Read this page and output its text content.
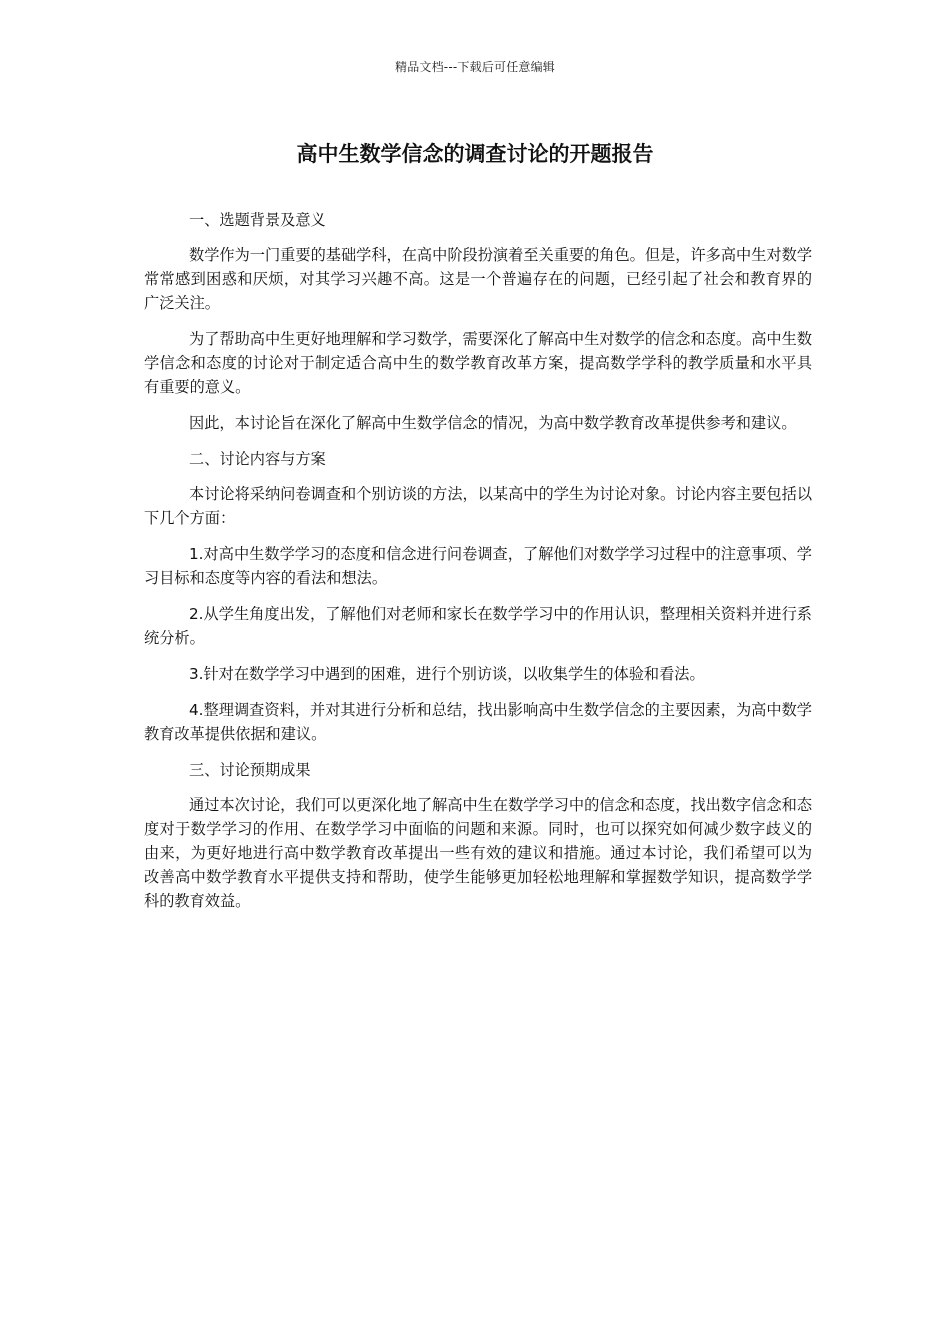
精品文档---下载后可任意编辑
高中生数学信念的调查讨论的开题报告

一、选题背景及意义

数学作为一门重要的基础学科，在高中阶段扮演着至关重要的角色。但是，许多高中生对数学常常感到困惑和厌烦，对其学习兴趣不高。这是一个普遍存在的问题，已经引起了社会和教育界的广泛关注。

为了帮助高中生更好地理解和学习数学，需要深化了解高中生对数学的信念和态度。高中生数学信念和态度的讨论对于制定适合高中生的数学教育改革方案，提高数学学科的教学质量和水平具有重要的意义。

因此，本讨论旨在深化了解高中生数学信念的情况，为高中数学教育改革提供参考和建议。

二、讨论内容与方案

本讨论将采纳问卷调查和个别访谈的方法，以某高中的学生为讨论对象。讨论内容主要包括以下几个方面：

1.对高中生数学学习的态度和信念进行问卷调查，了解他们对数学学习过程中的注意事项、学习目标和态度等内容的看法和想法。

2.从学生角度出发，了解他们对老师和家长在数学学习中的作用认识，整理相关资料并进行系统分析。

3.针对在数学学习中遇到的困难，进行个别访谈，以收集学生的体验和看法。

4.整理调查资料，并对其进行分析和总结，找出影响高中生数学信念的主要因素，为高中数学教育改革提供依据和建议。

三、讨论预期成果

通过本次讨论，我们可以更深化地了解高中生在数学学习中的信念和态度，找出数字信念和态度对于数学学习的作用、在数学学习中面临的问题和来源。同时，也可以探究如何减少数字歧义的由来，为更好地进行高中数学教育改革提出一些有效的建议和措施。通过本讨论，我们希望可以为改善高中数学教育水平提供支持和帮助，使学生能够更加轻松地理解和掌握数学知识，提高数学学科的教育效益。
